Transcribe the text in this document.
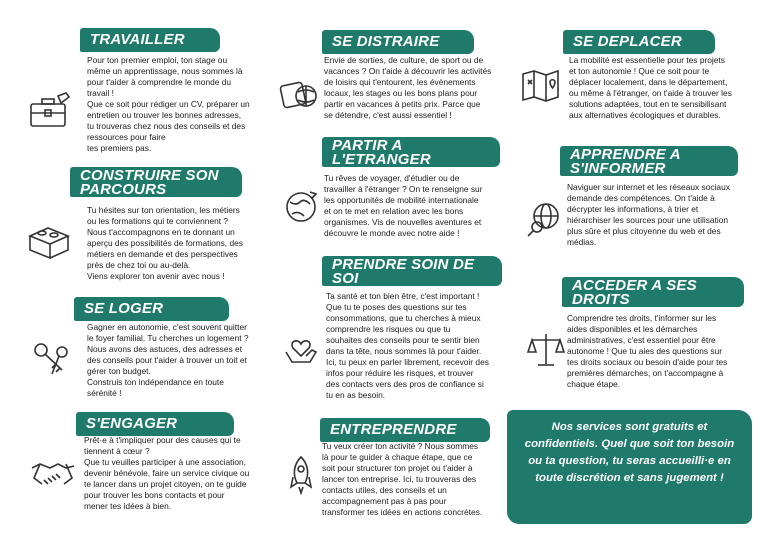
TRAVAILLER

Pour ton premier emploi, ton stage ou

même un apprentissage, nous sommes là

pour t'aider à comprendre le monde du

travail !

Que ce soit pour rédiger un CV, préparer un

entretien ou trouver les bonnes adresses,

tu trouveras chez nous des conseils et des

ressources pour faire

tes premiers pas.

CONSTRUIRE SON PARCOURS

Tu hésites sur ton orientation, les métiers

ou les formations qui te conviennent ?

Nous t'accompagnons en te donnant un

aperçu des possibilités de formations, des

métiers en demande et des perspectives

près de chez toi ou au-delà.

Viens explorer ton avenir avec nous !

SE LOGER

Gagner en autonomie, c'est souvent quitter

le foyer familial. Tu cherches un logement ?

Nous avons des astuces, des adresses et

des conseils pour t'aider à trouver un toit et

gérer ton budget.

Construis ton indépendance en toute

sérénité !

S'ENGAGER

Prêt·e à t'impliquer pour des causes qui te

tiennent à cœur ?

Que tu veuilles participer à une association,

devenir bénévole, faire un service civique ou

te lancer dans un projet citoyen, on te guide

pour trouver les bons contacts et pour

mener tes idées à bien.

SE DISTRAIRE

Envie de sorties, de culture, de sport ou de

vacances ? On t'aide à découvrir les activités

de loisirs qui t'entourent, les évènements

locaux, les stages ou les bons plans pour

partir en vacances à petits prix. Parce que

se détendre, c'est aussi essentiel !

PARTIR A L'ETRANGER

Tu rêves de voyager, d'étudier ou de

travailler à l'étranger ? On te renseigne sur

les opportunités de mobilité internationale

et on te met en relation avec les bons

organismes. Vis de nouvelles aventures et

découvre le monde avec notre aide !

PRENDRE SOIN DE SOI

Ta santé et ton bien être, c'est important !

Que tu te poses des questions sur tes

consommations, que tu cherches à mieux

comprendre les risques ou que tu

souhaites des conseils pour te sentir bien

dans ta tête, nous sommes là pour t'aider.

Ici, tu peux en parler librement, recevoir des

infos pour réduire les risques, et trouver

des contacts vers des pros de confiance si

tu en as besoin.

ENTREPRENDRE

Tu veux créer ton activité ? Nous sommes

là pour te guider à chaque étape, que ce

soit pour structurer ton projet ou t'aider à

lancer ton entreprise. Ici, tu trouveras des

contacts utiles, des conseils et un

accompagnement pas à pas pour

transformer tes idées en actions concrètes.

SE DEPLACER

La mobilité est essentielle pour tes projets

et ton autonomie ! Que ce soit pour te

déplacer localement, dans le département,

ou même à l'étranger, on t'aide à trouver les

solutions adaptées, tout en te sensibilisant

aux alternatives écologiques et durables.

APPRENDRE A S'INFORMER

Naviguer sur internet et les réseaux sociaux

demande des compétences. On t'aide à

décrypter les informations, à trier et

hiérarchiser les sources pour une utilisation

plus sûre et plus citoyenne du web et des

médias.

ACCEDER A SES DROITS

Comprendre tes droits, t'informer sur les

aides disponibles et les démarches

administratives, c'est essentiel pour être

autonome ! Que tu aies des questions sur

tes droits sociaux ou besoin d'aide pour tes

premières démarches, on t'accompagne à

chaque étape.

Nos services sont gratuits et

confidentiels. Quel que soit ton besoin

ou ta question, tu seras accueilli·e en

toute discrétion et sans jugement !
